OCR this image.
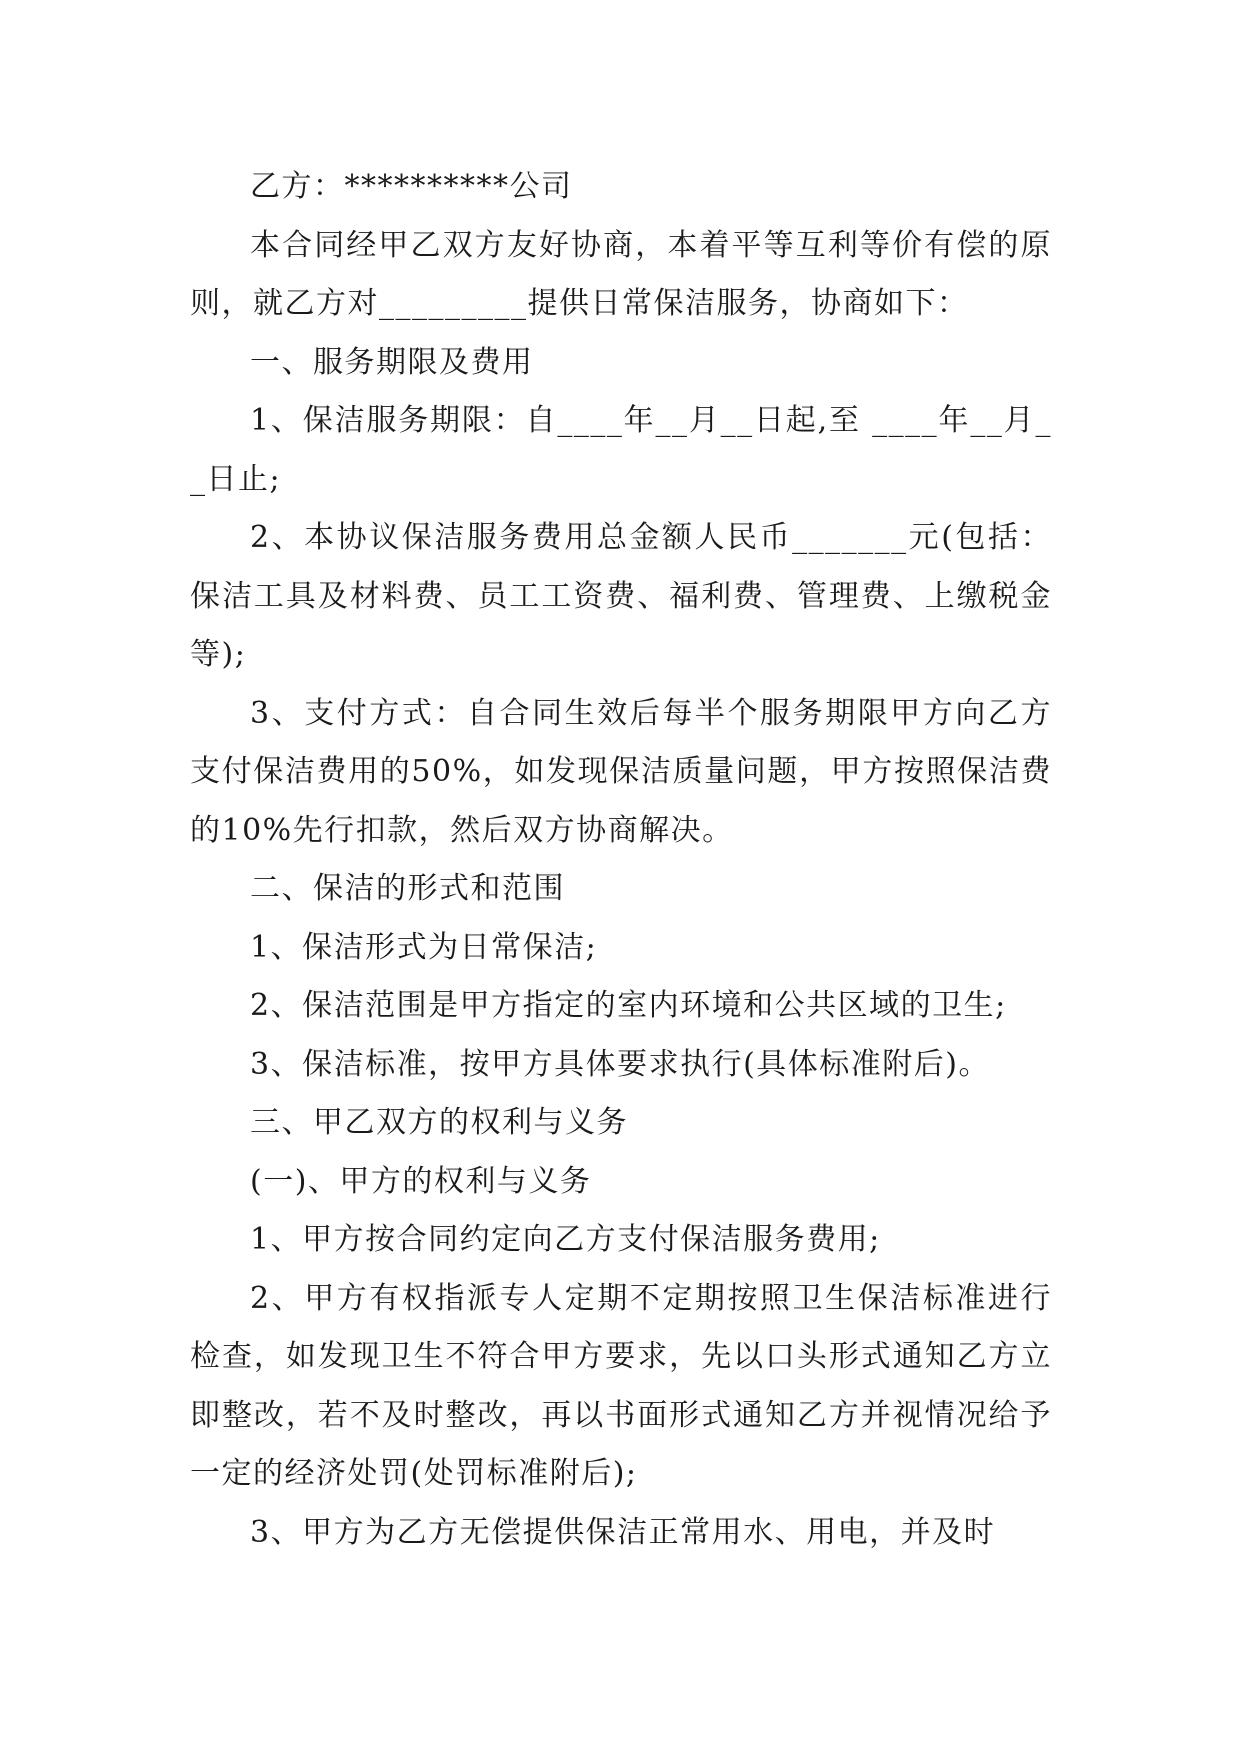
乙方：**********公司

本合同经甲乙双方友好协商，本着平等互利等价有偿的原则，就乙方对_________提供日常保洁服务，协商如下：

一、服务期限及费用

1、保洁服务期限：自____年__月__日起,至 ____年__月__日止;

2、本协议保洁服务费用总金额人民币_______元(包括：保洁工具及材料费、员工工资费、福利费、管理费、上缴税金等);

3、支付方式：自合同生效后每半个服务期限甲方向乙方支付保洁费用的50%，如发现保洁质量问题，甲方按照保洁费的10%先行扣款，然后双方协商解决。

二、保洁的形式和范围

1、保洁形式为日常保洁;

2、保洁范围是甲方指定的室内环境和公共区域的卫生;

3、保洁标准，按甲方具体要求执行(具体标准附后)。

三、甲乙双方的权利与义务

(一)、甲方的权利与义务

1、甲方按合同约定向乙方支付保洁服务费用;

2、甲方有权指派专人定期不定期按照卫生保洁标准进行检查，如发现卫生不符合甲方要求，先以口头形式通知乙方立即整改，若不及时整改，再以书面形式通知乙方并视情况给予一定的经济处罚(处罚标准附后);

3、甲方为乙方无偿提供保洁正常用水、用电，并及时
